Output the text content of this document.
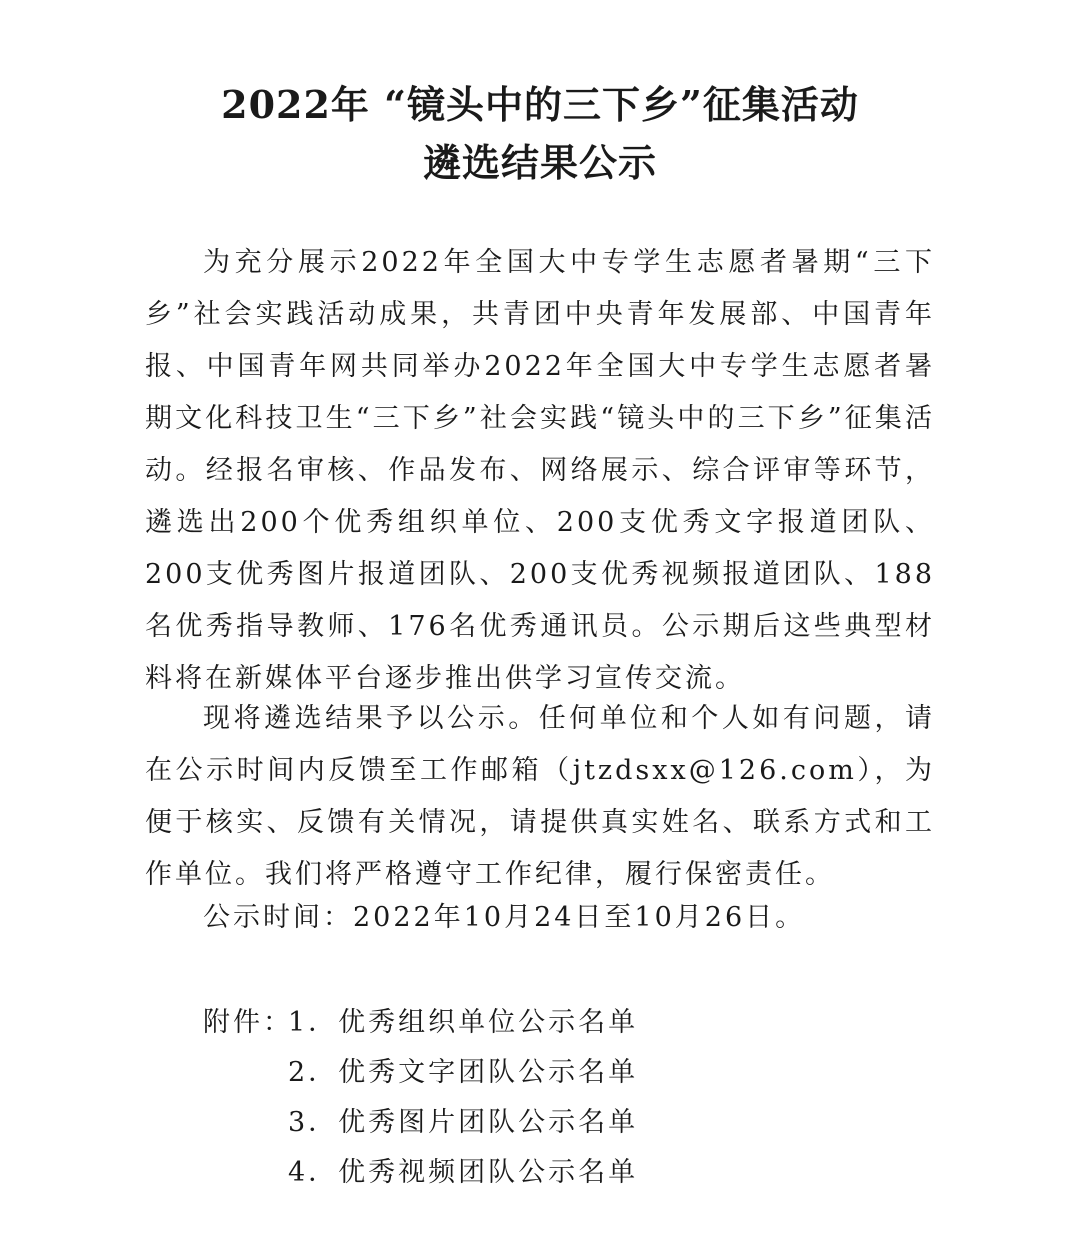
2022年 “镜头中的三下乡”征集活动
遴选结果公示
为充分展示2022年全国大中专学生志愿者暑期“三下乡”社会实践活动成果，共青团中央青年发展部、中国青年报、中国青年网共同举办2022年全国大中专学生志愿者暑期文化科技卫生“三下乡”社会实践“镜头中的三下乡”征集活动。经报名审核、作品发布、网络展示、综合评审等环节，遴选出200个优秀组织单位、200支优秀文字报道团队、200支优秀图片报道团队、200支优秀视频报道团队、188名优秀指导教师、176名优秀通讯员。公示期后这些典型材料将在新媒体平台逐步推出供学习宣传交流。
现将遴选结果予以公示。任何单位和个人如有问题，请在公示时间内反馈至工作邮箱（jtzdsxx@126.com），为便于核实、反馈有关情况，请提供真实姓名、联系方式和工作单位。我们将严格遵守工作纪律，履行保密责任。
公示时间：2022年10月24日至10月26日。
附件：
1．优秀组织单位公示名单
2．优秀文字团队公示名单
3．优秀图片团队公示名单
4．优秀视频团队公示名单
